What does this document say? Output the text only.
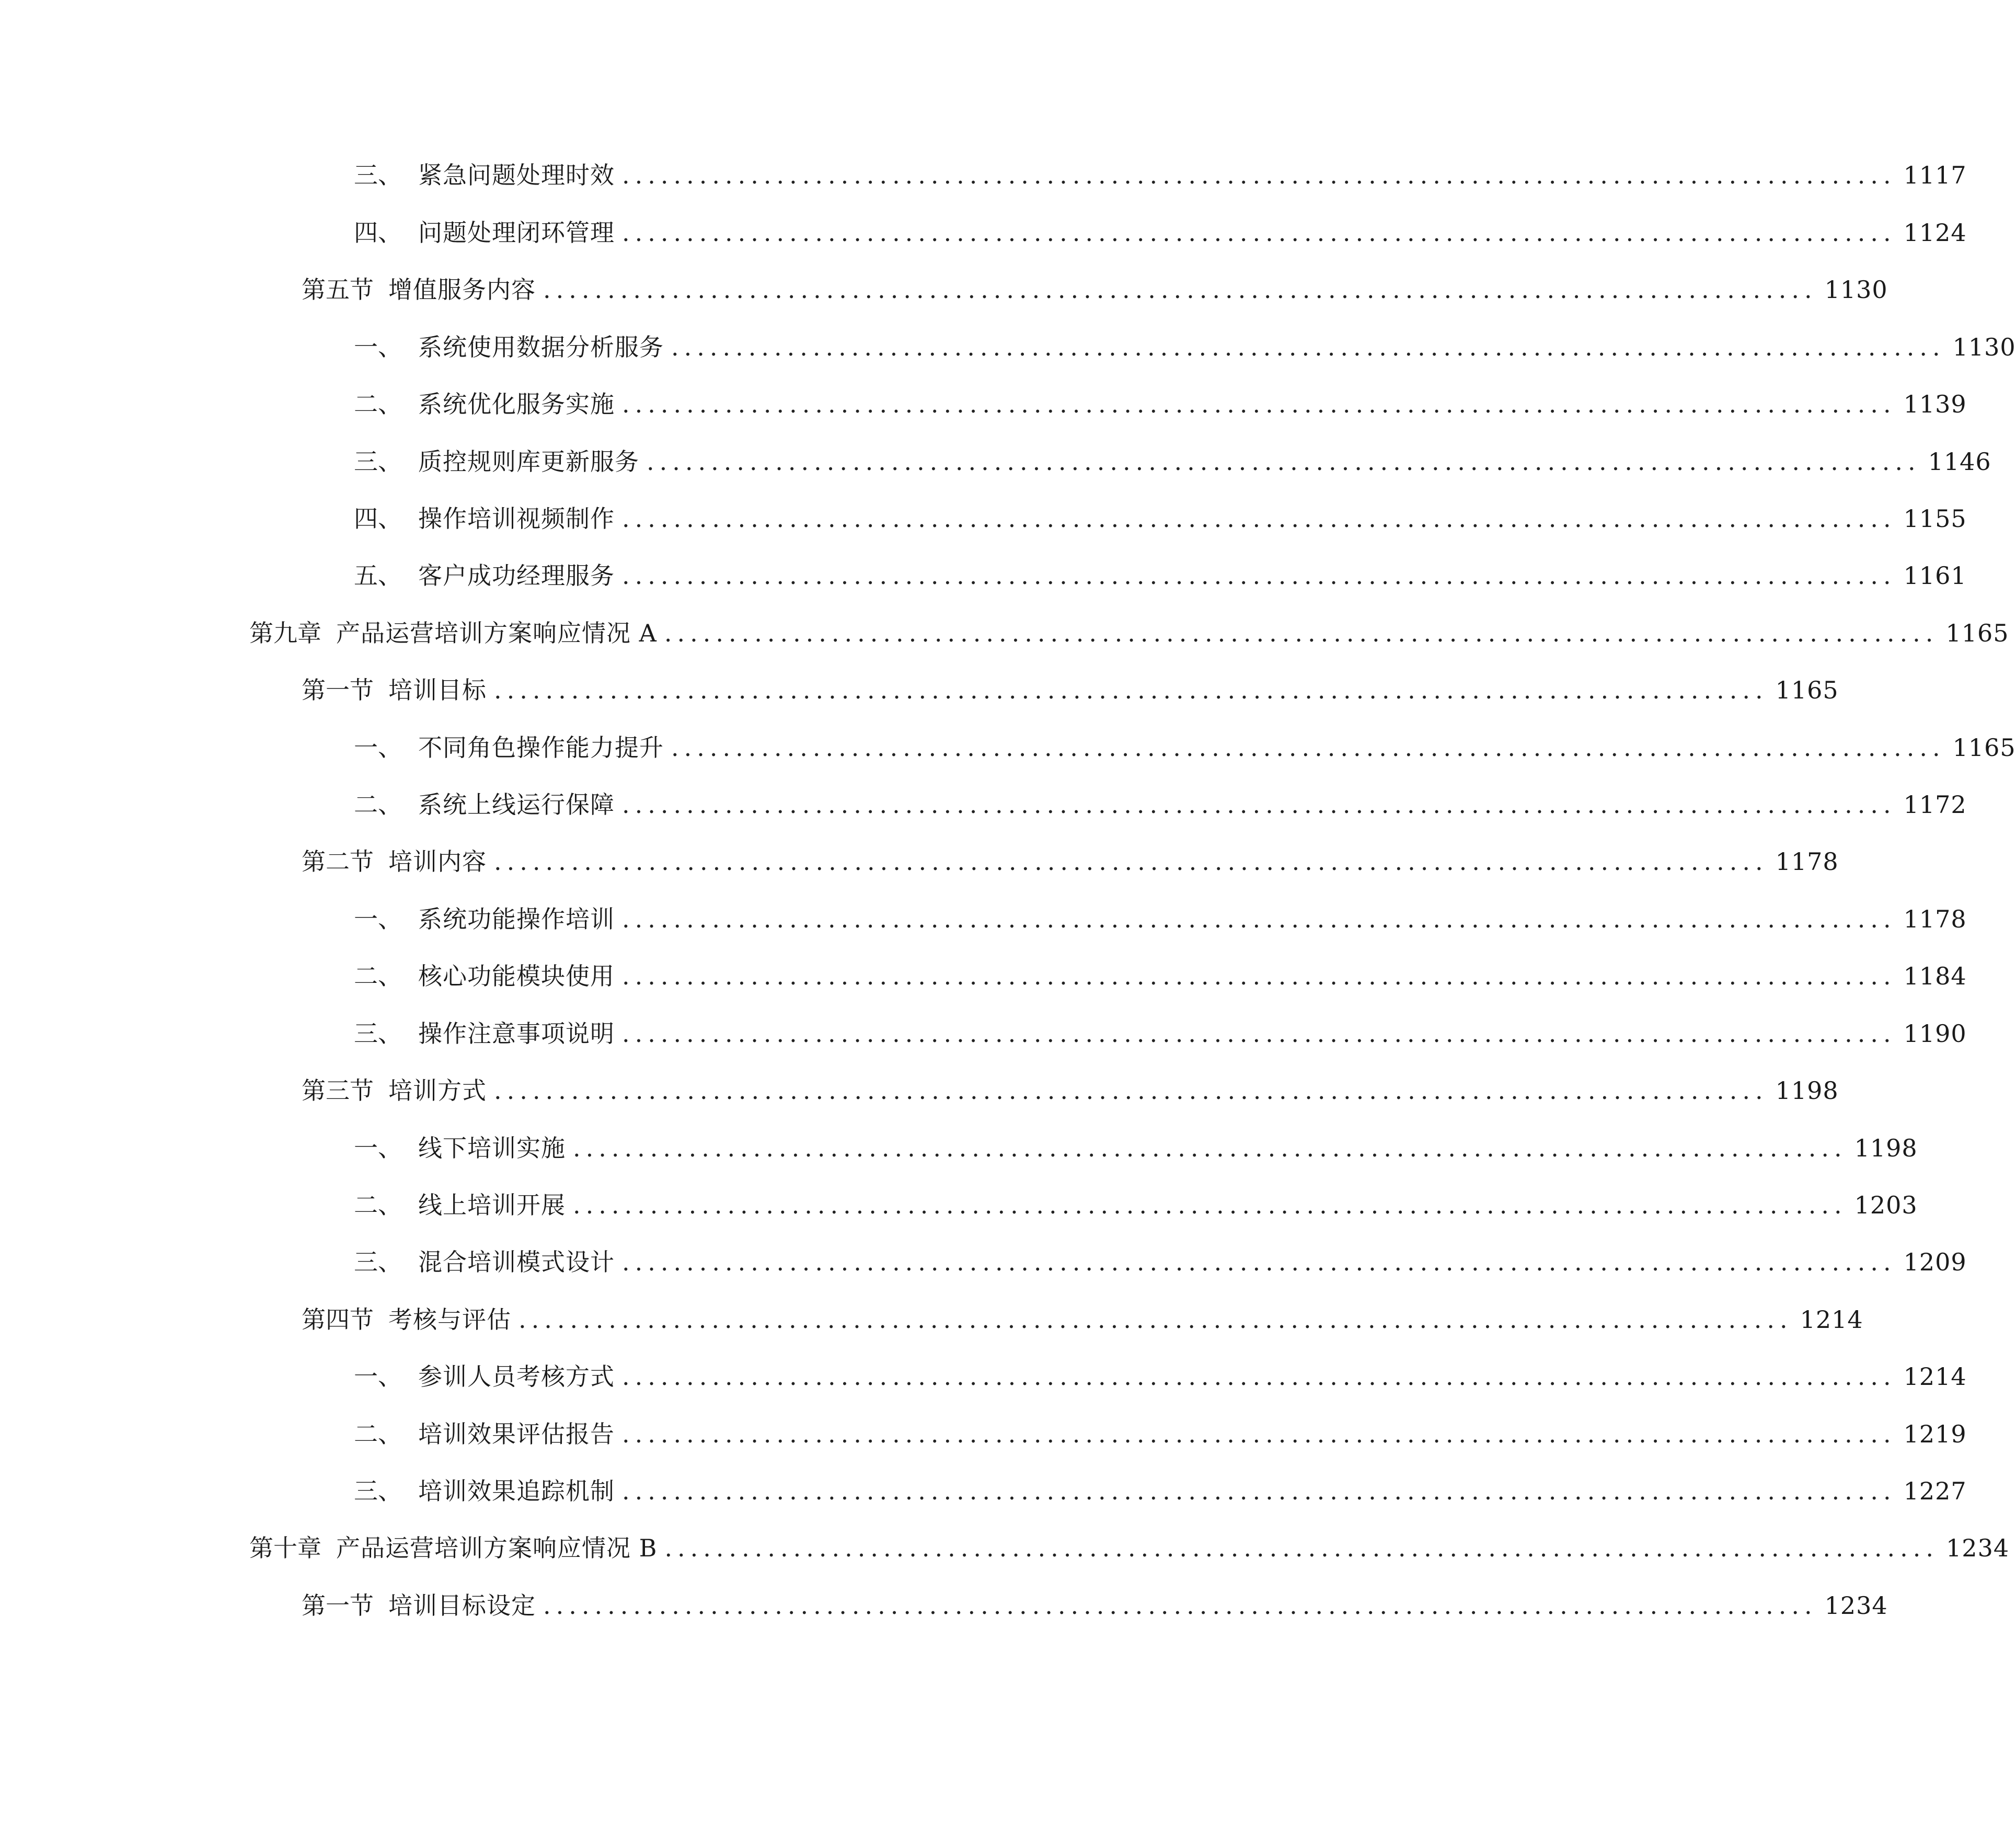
三、 紧急问题处理时效 ................................................................................................... 1117
四、 问题处理闭环管理 ................................................................................................... 1124
第五节 增值服务内容 ................................................................................................... 1130
一、 系统使用数据分析服务 ................................................................................................... 1130
二、 系统优化服务实施 ................................................................................................... 1139
三、 质控规则库更新服务 ................................................................................................... 1146
四、 操作培训视频制作 ................................................................................................... 1155
五、 客户成功经理服务 ................................................................................................... 1161
第九章 产品运营培训方案响应情况 A ................................................................................................... 1165
第一节 培训目标 ................................................................................................... 1165
一、 不同角色操作能力提升 ................................................................................................... 1165
二、 系统上线运行保障 ................................................................................................... 1172
第二节 培训内容 ................................................................................................... 1178
一、 系统功能操作培训 ................................................................................................... 1178
二、 核心功能模块使用 ................................................................................................... 1184
三、 操作注意事项说明 ................................................................................................... 1190
第三节 培训方式 ................................................................................................... 1198
一、 线下培训实施 ................................................................................................... 1198
二、 线上培训开展 ................................................................................................... 1203
三、 混合培训模式设计 ................................................................................................... 1209
第四节 考核与评估 ................................................................................................... 1214
一、 参训人员考核方式 ................................................................................................... 1214
二、 培训效果评估报告 ................................................................................................... 1219
三、 培训效果追踪机制 ................................................................................................... 1227
第十章 产品运营培训方案响应情况 B ................................................................................................... 1234
第一节 培训目标设定 ................................................................................................... 1234
